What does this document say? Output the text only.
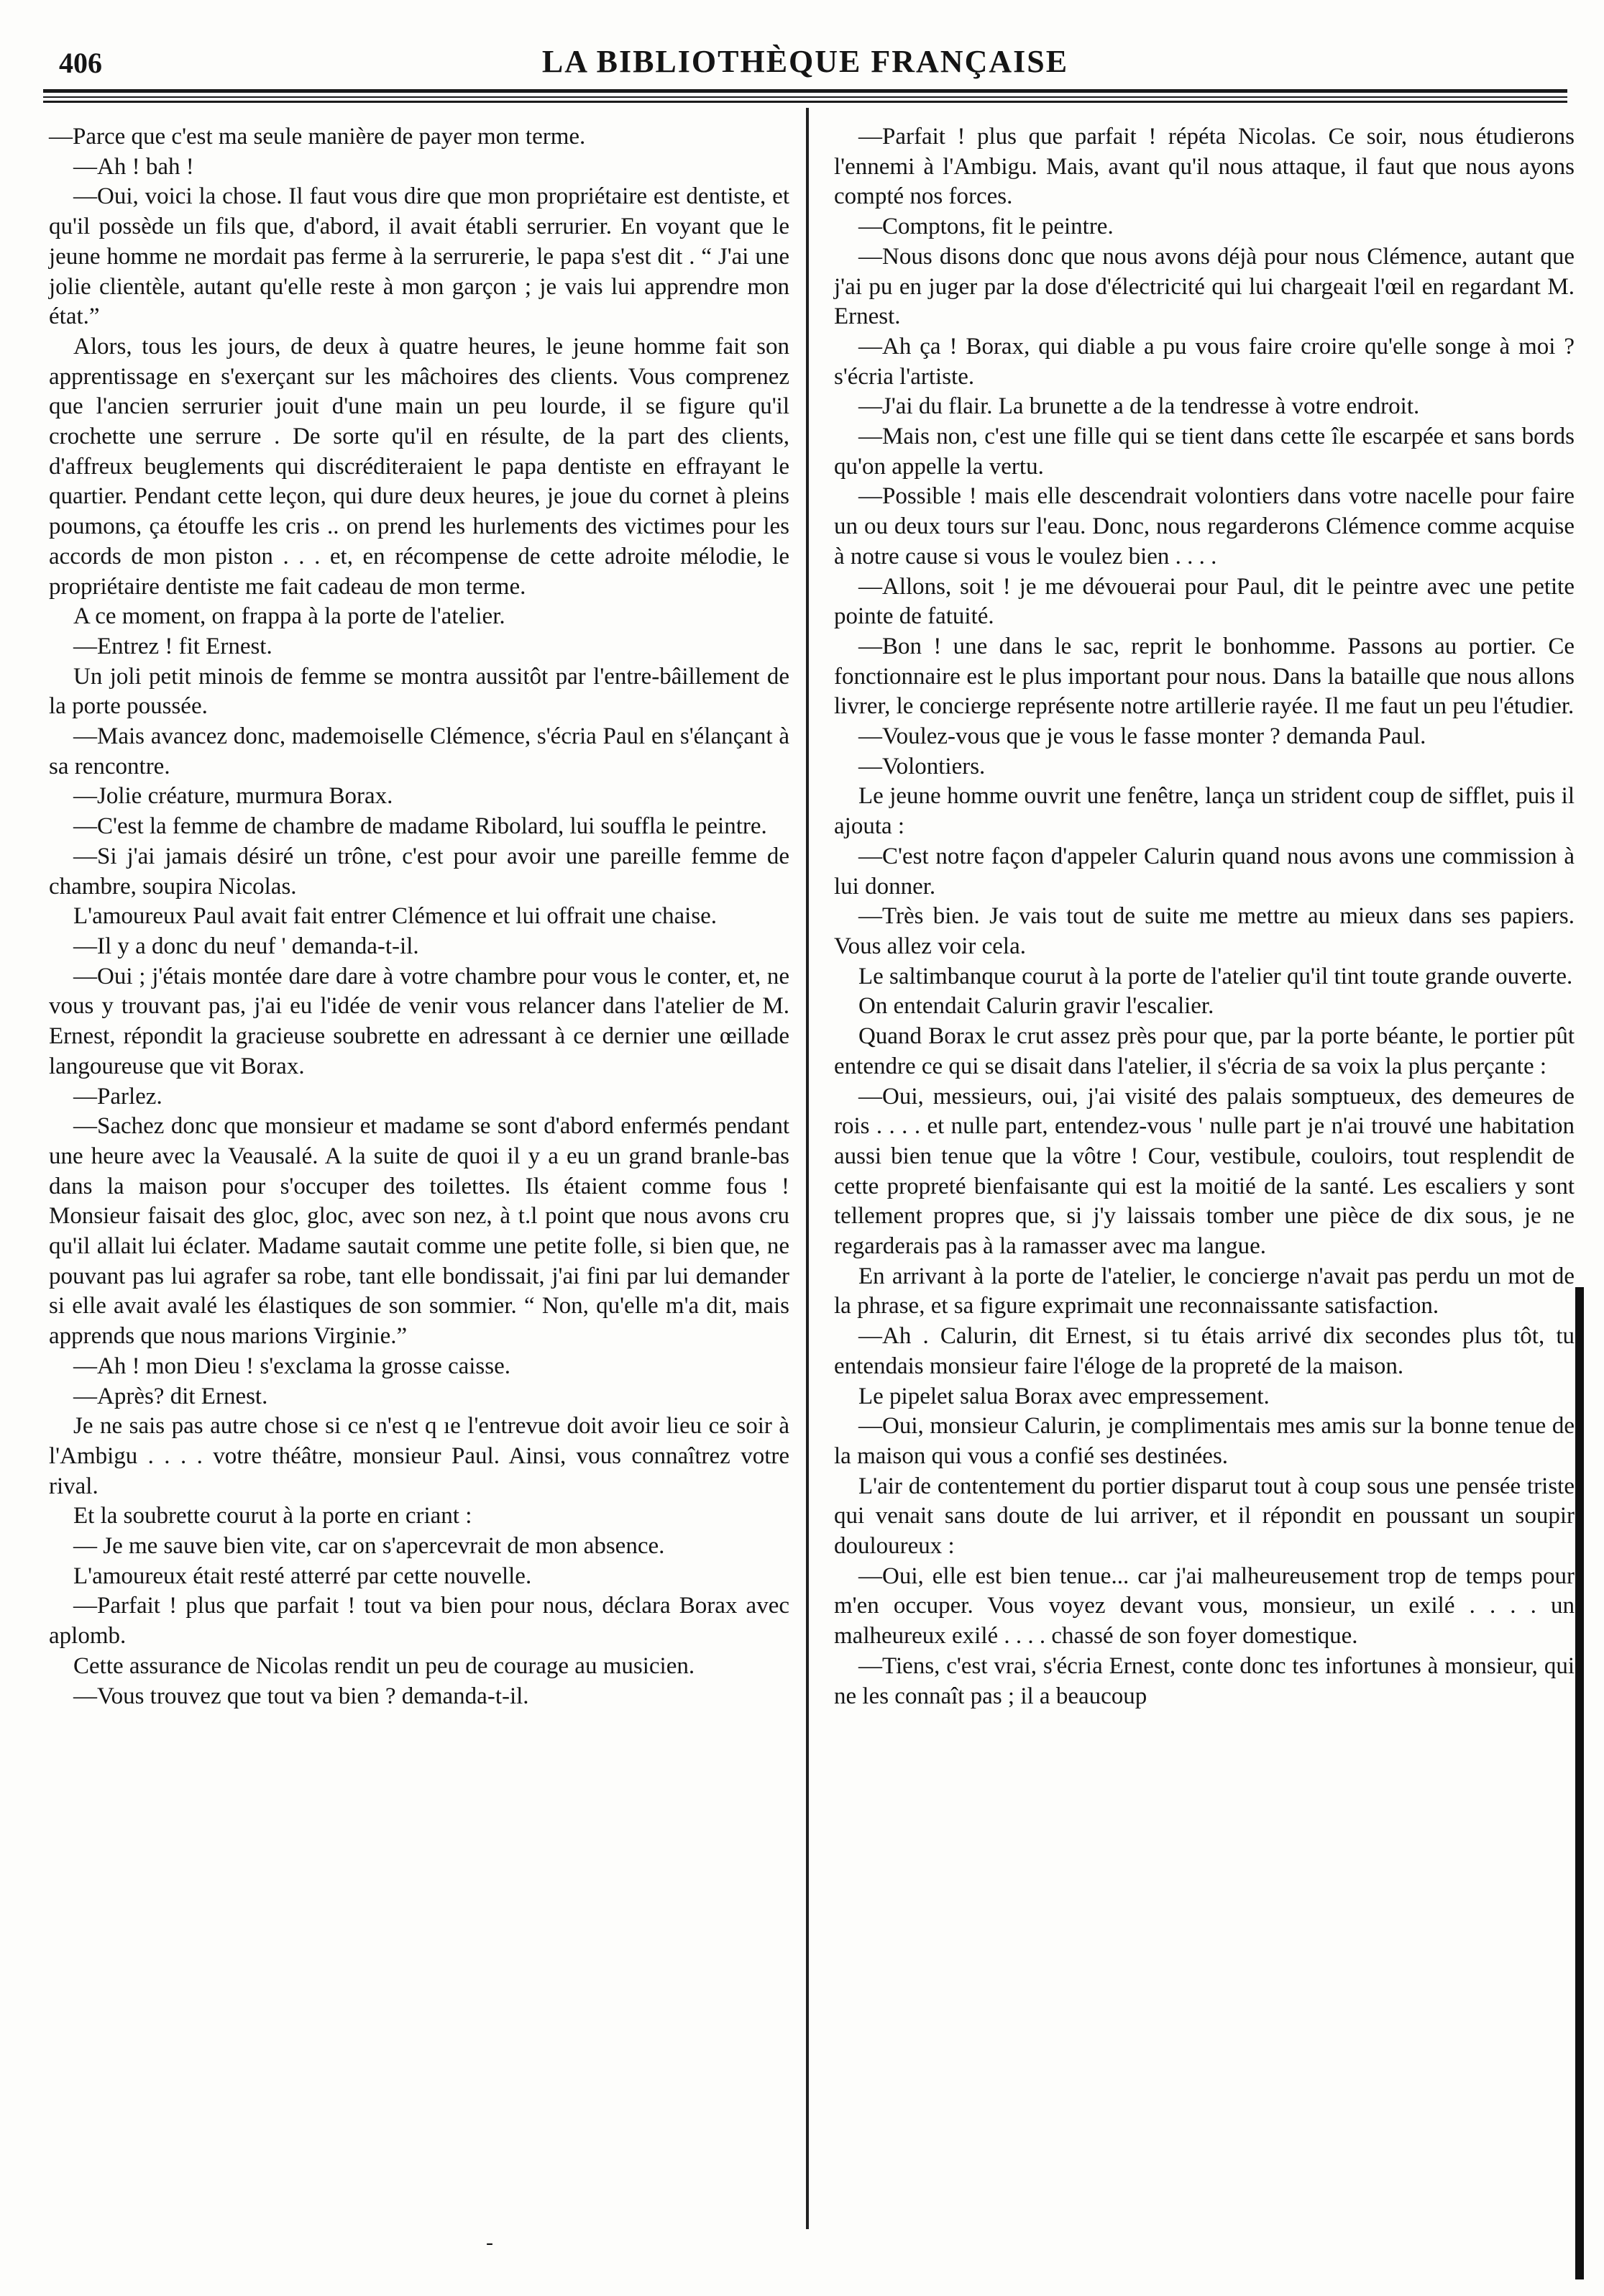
406	LA BIBLIOTHÈQUE FRANÇAISE

—Parce que c'est ma seule manière de payer mon terme.

—Ah ! bah !

—Oui, voici la chose. Il faut vous dire que mon propriétaire est dentiste, et qu'il possède un fils que, d'abord, il avait établi serrurier. En voyant que le jeune homme ne mordait pas ferme à la serrurerie, le papa s'est dit . “ J'ai une jolie clientèle, autant qu'elle reste à mon garçon ; je vais lui apprendre mon état.”

Alors, tous les jours, de deux à quatre heures, le jeune homme fait son apprentissage en s'exerçant sur les mâchoires des clients. Vous comprenez que l'ancien serrurier jouit d'une main un peu lourde, il se figure qu'il crochette une serrure . De sorte qu'il en résulte, de la part des clients, d'affreux beuglements qui discréditeraient le papa dentiste en effrayant le quartier. Pendant cette leçon, qui dure deux heures, je joue du cornet à pleins poumons, ça étouffe les cris .. on prend les hurlements des victimes pour les accords de mon piston . . . et, en récompense de cette adroite mélodie, le propriétaire dentiste me fait cadeau de mon terme.

A ce moment, on frappa à la porte de l'atelier.

—Entrez ! fit Ernest.

Un joli petit minois de femme se montra aussitôt par l'entre-bâillement de la porte poussée.

—Mais avancez donc, mademoiselle Clémence, s'écria Paul en s'élançant à sa rencontre.

—Jolie créature, murmura Borax.

—C'est la femme de chambre de madame Ribolard, lui souffla le peintre.

—Si j'ai jamais désiré un trône, c'est pour avoir une pareille femme de chambre, soupira Nicolas.

L'amoureux Paul avait fait entrer Clémence et lui offrait une chaise.

—Il y a donc du neuf ' demanda-t-il.

—Oui ; j'étais montée dare dare à votre chambre pour vous le conter, et, ne vous y trouvant pas, j'ai eu l'idée de venir vous relancer dans l'atelier de M. Ernest, répondit la gracieuse soubrette en adressant à ce dernier une œillade langoureuse que vit Borax.

—Parlez.

—Sachez donc que monsieur et madame se sont d'abord enfermés pendant une heure avec la Veausalé. A la suite de quoi il y a eu un grand branle-bas dans la maison pour s'occuper des toilettes. Ils étaient comme fous ! Monsieur faisait des gloc, gloc, avec son nez, à t.l point que nous avons cru qu'il allait lui éclater. Madame sautait comme une petite folle, si bien que, ne pouvant pas lui agrafer sa robe, tant elle bondissait, j'ai fini par lui demander si elle avait avalé les élastiques de son sommier. “ Non, qu'elle m'a dit, mais apprends que nous marions Virginie.”

—Ah ! mon Dieu ! s'exclama la grosse caisse.

—Après? dit Ernest.

Je ne sais pas autre chose si ce n'est q ıe l'entrevue doit avoir lieu ce soir à l'Ambigu . . . . votre théâtre, monsieur Paul. Ainsi, vous connaîtrez votre rival.

Et la soubrette courut à la porte en criant :

— Je me sauve bien vite, car on s'apercevrait de mon absence.

L'amoureux était resté atterré par cette nouvelle.

—Parfait ! plus que parfait ! tout va bien pour nous, déclara Borax avec aplomb.

Cette assurance de Nicolas rendit un peu de courage au musicien.

—Vous trouvez que tout va bien ? demanda-t-il.

—Parfait ! plus que parfait ! répéta Nicolas. Ce soir, nous étudierons l'ennemi à l'Ambigu. Mais, avant qu'il nous attaque, il faut que nous ayons compté nos forces.

—Comptons, fit le peintre.

—Nous disons donc que nous avons déjà pour nous Clémence, autant que j'ai pu en juger par la dose d'électricité qui lui chargeait l'œil en regardant M. Ernest.

—Ah ça ! Borax, qui diable a pu vous faire croire qu'elle songe à moi ? s'écria l'artiste.

—J'ai du flair. La brunette a de la tendresse à votre endroit.

—Mais non, c'est une fille qui se tient dans cette île escarpée et sans bords qu'on appelle la vertu.

—Possible ! mais elle descendrait volontiers dans votre nacelle pour faire un ou deux tours sur l'eau. Donc, nous regarderons Clémence comme acquise à notre cause si vous le voulez bien . . . .

—Allons, soit ! je me dévouerai pour Paul, dit le peintre avec une petite pointe de fatuité.

—Bon ! une dans le sac, reprit le bonhomme. Passons au portier. Ce fonctionnaire est le plus important pour nous. Dans la bataille que nous allons livrer, le concierge représente notre artillerie rayée. Il me faut un peu l'étudier.

—Voulez-vous que je vous le fasse monter ? demanda Paul.

—Volontiers.

Le jeune homme ouvrit une fenêtre, lança un strident coup de sifflet, puis il ajouta :

—C'est notre façon d'appeler Calurin quand nous avons une commission à lui donner.

—Très bien. Je vais tout de suite me mettre au mieux dans ses papiers. Vous allez voir cela.

Le saltimbanque courut à la porte de l'atelier qu'il tint toute grande ouverte.

On entendait Calurin gravir l'escalier.

Quand Borax le crut assez près pour que, par la porte béante, le portier pût entendre ce qui se disait dans l'atelier, il s'écria de sa voix la plus perçante :

—Oui, messieurs, oui, j'ai visité des palais somptueux, des demeures de rois . . . . et nulle part, entendez-vous ' nulle part je n'ai trouvé une habitation aussi bien tenue que la vôtre ! Cour, vestibule, couloirs, tout resplendit de cette propreté bienfaisante qui est la moitié de la santé. Les escaliers y sont tellement propres que, si j'y laissais tomber une pièce de dix sous, je ne regarderais pas à la ramasser avec ma langue.

En arrivant à la porte de l'atelier, le concierge n'avait pas perdu un mot de la phrase, et sa figure exprimait une reconnaissante satisfaction.

—Ah . Calurin, dit Ernest, si tu étais arrivé dix secondes plus tôt, tu entendais monsieur faire l'éloge de la propreté de la maison.

Le pipelet salua Borax avec empressement.

—Oui, monsieur Calurin, je complimentais mes amis sur la bonne tenue de la maison qui vous a confié ses destinées.

L'air de contentement du portier disparut tout à coup sous une pensée triste qui venait sans doute de lui arriver, et il répondit en poussant un soupir douloureux :

—Oui, elle est bien tenue... car j'ai malheureusement trop de temps pour m'en occuper. Vous voyez devant vous, monsieur, un exilé . . . . un malheureux exilé . . . . chassé de son foyer domestique.

—Tiens, c'est vrai, s'écria Ernest, conte donc tes infortunes à monsieur, qui ne les connaît pas ; il a beaucoup

-
